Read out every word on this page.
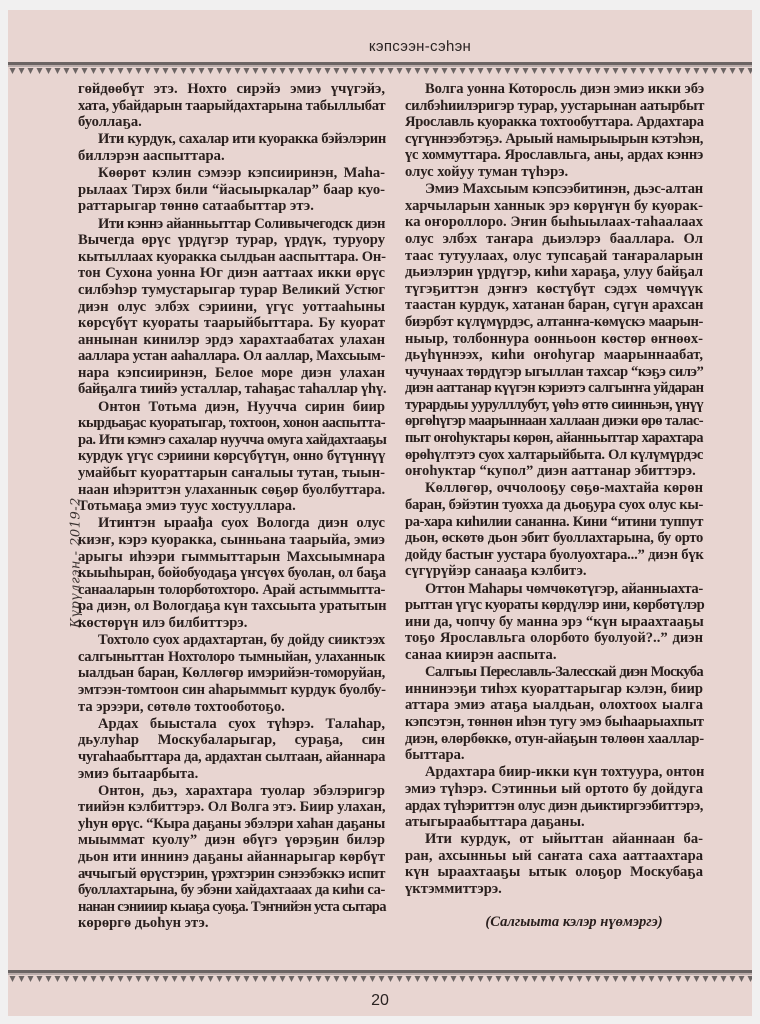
кэпсээн-сэһэн
Күрүлгэн - 2019-2
гөйдөөбүт этэ. Нохто сирэйэ эмиэ үчүгэйэ,
хата, убайдарын таарыйдахтарына табыллыбат
буоллаҕа.
Ити курдук, сахалар ити куоракка бэйэлэрин
биллэрэн ааспыттара.
Көөрөт кэлин сэмээр кэпсииринэн, Маһа-
рылаах Тирэх били “йасыыркалар” баар куо-
раттарыгар төннө сатаабыттар этэ.
Ити кэннэ айанньыттар Соливычегодск диэн
Вычегда өрүс үрдүгэр турар, үрдүк, туруору
кытыллаах куоракка сылдьан ааспыттара. Он-
тон Сухона уонна Юг диэн ааттаах икки өрүс
силбэһэр тумустарыгар турар Великий Устюг
диэн олус элбэх сэриини, үгүс уоттааһыны
көрсүбүт куораты таарыйбыттара. Бу куорат
аннынан кинилэр эрдэ харахтаабатах улахан
ааллара устан ааһаллара. Ол ааллар, Махсыым-
нара кэпсииринэн, Белое море диэн улахан
байҕалга тиийэ усталлар, таһаҕас таһаллар үһү.
Онтон Тотьма диэн, Нуучча сирин биир
кырдьаҕас куоратыгар, тохтоон, хонон ааспытта-
ра. Ити кэмҥэ сахалар нуучча омуга хайдахтааҕы
курдук үгүс сэриини көрсүбүтүн, онно бүтүннүү
умайбыт куораттарын саҥалыы тутан, тыын-
наан иһэриттэн улаханнык сөҕөр буолбуттара.
Тотьмаҕа эмиэ туус хостууллара.
Итинтэн ыраађа суох Вологда диэн олус
киэҥ, кэрэ куоракка, сынньана таарыйа, эмиэ
арыгы иһээри гыммыттарын Махсыымнара
кыыһыран, бойобуодаҕа үҥсүөх буолан, ол баҕа
санааларын толорботохторо. Арай астыммытта-
ра диэн, ол Вологдаҕа күн тахсыыта уратытын
көстөрүн илэ билбиттэрэ.
Тохтоло суох ардахтартан, бу дойду сииктээх
салгыныттан Нохтолоро тымныйан, улаханнык
ыалдьан баран, Көллөгөр имэрийэн-томоруйан,
эмтээн-томтоон син аһарыммыт курдук буолбу-
та эрээри, сөтөлө тохтооботоҕо.
Ардах быыстала суох түһэрэ. Талаһар,
дьулуһар Москубаларыгар, сураҕа, син
чугаһаабыттара да, ардахтан сылтаан, айаннара
эмиэ бытаарбыта.
Онтон, дьэ, харахтара туолар эбэлэригэр
тиийэн кэлбиттэрэ. Ол Волга этэ. Биир улахан,
уһун өрүс. “Кыра даҕаны эбэлэри хаһан даҕаны
мыыммат куолу” диэн өбүгэ үөрэҕин билэр
дьон ити иннинэ даҕаны айаннарыгар көрбүт
аччыгый өрүстэрин, үрэхтэрин сэнээбэккэ испит
буоллахтарына, бу эбэни хайдахтааах да киһи са-
нанан сэнииир кыаҕа суоҕа. Тэҥнийэн уста сытара
көрөргө дьоһун этэ.
Волга уонна Которосль диэн эмиэ икки эбэ
силбэһиилэригэр турар, уустарынан аатырбыт
Ярославль куоракка тохтообуттара. Ардахтара
сүгүннээбэтэҕэ. Арыый намырыырын кэтэһэн,
үс хоммуттара. Ярославльга, аны, ардах кэннэ
олус хойуу туман түһэрэ.
Эмиэ Махсыым кэпсээбитинэн, дьэс-алтан
харчыларын ханнык эрэ көрүҥүн бу куорак-
ка оҥороллоро. Эҥин быһыылаах-таһаалаах
олус элбэх таҥара дьиэлэрэ бааллара. Ол
таас тутуулаах, олус тупсаҕай таҥараларын
дьиэлэрин үрдүгэр, киһи хараҕа, улуу байҕал
түгэҕиттэн дэҥҥэ көстүбүт сэдэх чөмчүүк
таастан курдук, хатанан баран, сүгүн арахсан
биэрбэт күлүмүрдэс, алтанҥа-көмүскэ маарын-
ныыр, толбоннура оонньоон көстөр өҥнөөх-
дьүһүннээх, киһи оҥоһугар маарыннаабат,
чучунаах төрдүгэр ыгыллан тахсар “кэҕэ силэ”
диэн ааттанар күүгэн кэриэтэ салгыҥҥа уйдаран
турардыы уурулллубут, үөһэ өттө сиинньэн, үнүү
өргөһүгэр маарыннаан халлаан диэки өрө талас-
пыт оҥоһуктары көрөн, айанньыттар харахтара
өрөһүлтэтэ суох халтарыйбыта. Ол күлүмүрдэс
оҥоһуктар “купол” диэн ааттанар эбиттэрэ.
Көллөгөр, оччолооҕу сөҕө-махтайа көрөн
баран, бэйэтин туохха да дьоҕура суох олус кы-
ра-хара киһилии сананна. Кини “итини туппут
дьон, өскөтө дьон эбит буоллахтарына, бу орто
дойду бастыҥ уустара буолуохтара...” диэн бүк
сүгүрүйэр санааҕа кэлбитэ.
Оттон Маһары чөмчөкөтүгэр, айанныахта-
рыттан үгүс куораты көрдүлэр ини, көрбөтүлэр
ини да, чопчу бу манна эрэ “күн ыраахтааҕы
тоҕо Ярославльга олорбото буолуой?..” диэн
санаа киирэн ааспыта.
Салгыы Переславль-Залесскай диэн Москуба
иннинээҕи тиһэх куораттарыгар кэлэн, биир
аттара эмиэ атаҕа ыалдьан, олохтоох ыалга
кэпсэтэн, төннөн иһэн тугу эмэ быһаарыахпыт
диэн, өлөрбөккө, отун-айаҕын төлөөн хааллар-
быттара.
Ардахтара биир-икки күн тохтуура, онтон
эмиэ түһэрэ. Сэтинньи ый ортото бу дойдуга
ардах түһэриттэн олус диэн дьиктиргээбиттэрэ,
атыгыраабыттара даҕаны.
Ити курдук, от ыйыттан айаннаан ба-
ран, ахсынньы ый саҥата саха ааттаахтара
күн ыраахтааҕы ытык олоҕор Москубаҕа
үктэммиттэрэ.
(Салгыыта кэлэр нүөмэргэ)
20
